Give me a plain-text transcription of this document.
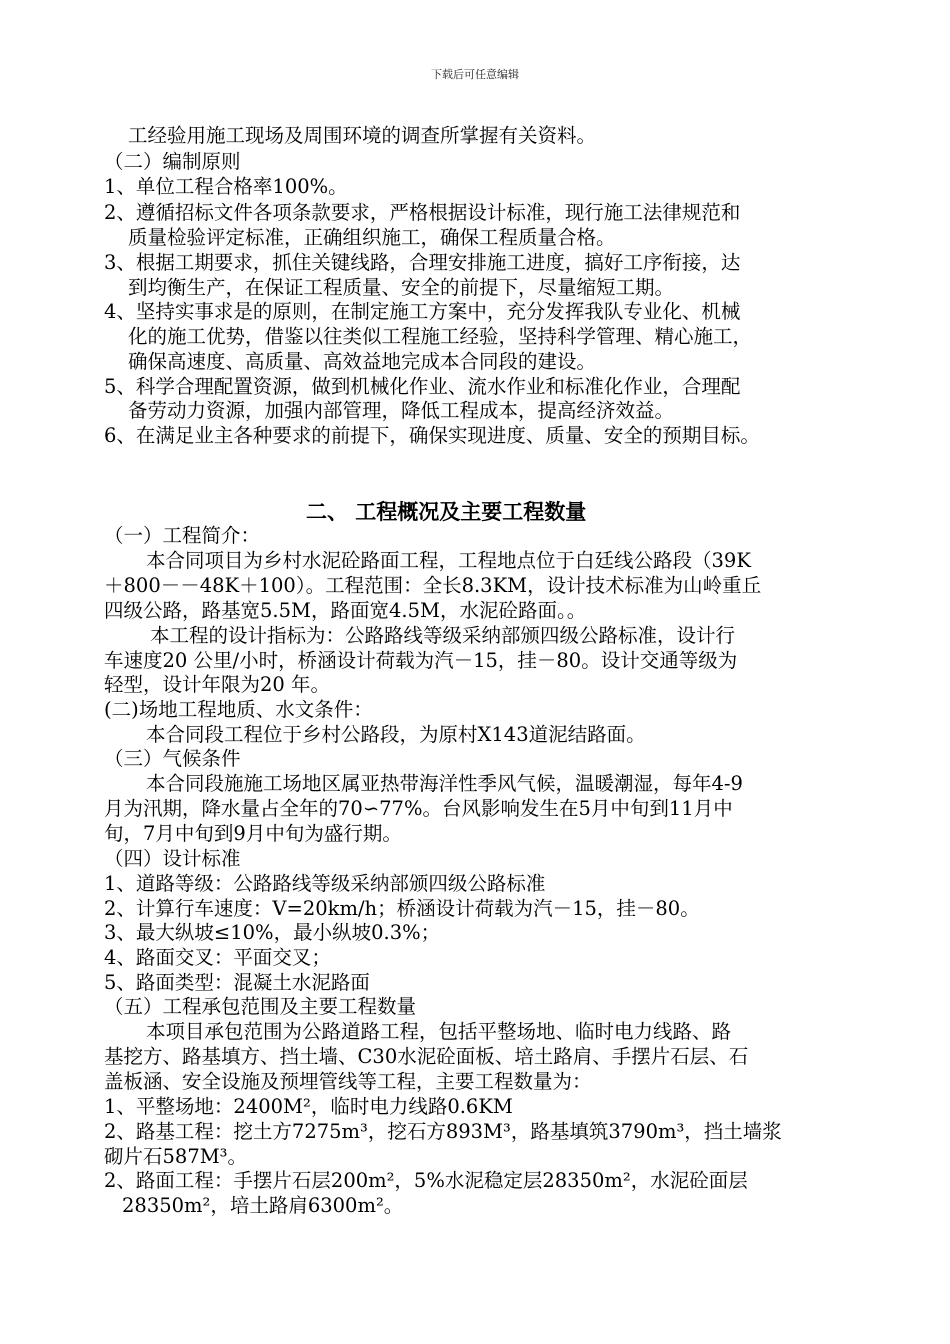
下载后可任意编辑
工经验用施工现场及周围环境的调查所掌握有关资料。
（二）编制原则
1、单位工程合格率100%。
2、遵循招标文件各项条款要求，严格根据设计标准，现行施工法律规范和
质量检验评定标准，正确组织施工，确保工程质量合格。
3、根据工期要求，抓住关键线路，合理安排施工进度，搞好工序衔接，达
到均衡生产，在保证工程质量、安全的前提下，尽量缩短工期。
4、坚持实事求是的原则，在制定施工方案中，充分发挥我队专业化、机械
化的施工优势，借鉴以往类似工程施工经验，坚持科学管理、精心施工，
确保高速度、高质量、高效益地完成本合同段的建设。
5、科学合理配置资源，做到机械化作业、流水作业和标准化作业，合理配
备劳动力资源，加强内部管理，降低工程成本，提高经济效益。
6、在满足业主各种要求的前提下，确保实现进度、质量、安全的预期目标。
二、 工程概况及主要工程数量
（一）工程简介：
本合同项目为乡村水泥砼路面工程，工程地点位于白廷线公路段（39K
＋800－－48K＋100）。工程范围：全长8.3KM，设计技术标准为山岭重丘
四级公路，路基宽5.5M，路面宽4.5M，水泥砼路面。。
本工程的设计指标为：公路路线等级采纳部颁四级公路标准，设计行
车速度20 公里/小时，桥涵设计荷载为汽－15，挂－80。设计交通等级为
轻型，设计年限为20 年。
(二)场地工程地质、水文条件：
本合同段工程位于乡村公路段，为原村X143道泥结路面。
（三）气候条件
本合同段施施工场地区属亚热带海洋性季风气候，温暖潮湿，每年4-9
月为汛期，降水量占全年的70∽77%。台风影响发生在5月中旬到11月中
旬，7月中旬到9月中旬为盛行期。
（四）设计标准
1、道路等级：公路路线等级采纳部颁四级公路标准
2、计算行车速度：V=20km/h；桥涵设计荷载为汽－15，挂－80。
3、最大纵坡≤10%，最小纵坡0.3%；
4、路面交叉：平面交叉；
5、路面类型：混凝土水泥路面
（五）工程承包范围及主要工程数量
本项目承包范围为公路道路工程，包括平整场地、临时电力线路、路
基挖方、路基填方、挡土墙、C30水泥砼面板、培土路肩、手摆片石层、石
盖板涵、安全设施及预埋管线等工程，主要工程数量为：
1、平整场地：2400M²，临时电力线路0.6KM
2、路基工程：挖土方7275m³，挖石方893M³，路基填筑3790m³，挡土墙浆
砌片石587M³。
2、路面工程：手摆片石层200m²，5%水泥稳定层28350m²，水泥砼面层
28350m²，培土路肩6300m²。
